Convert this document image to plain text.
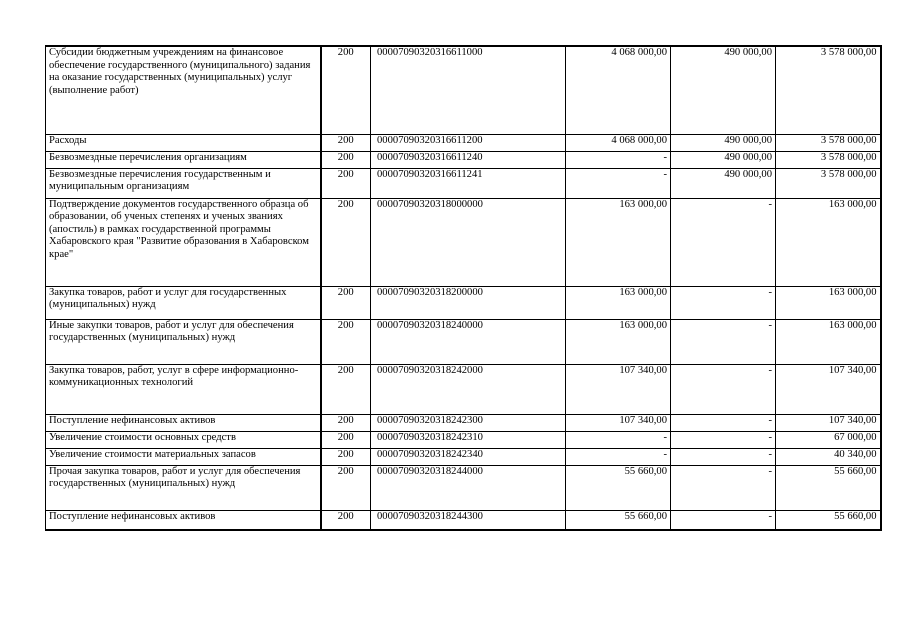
Субсидии бюджетным учреждениям на финансовое обеспечение государственного (муниципального) задания на оказание государственных (муниципальных) услуг (выполнение работ)	200	00007090320316611000	4 068 000,00	490 000,00	3 578 000,00
Расходы	200	00007090320316611200	4 068 000,00	490 000,00	3 578 000,00
Безвозмездные перечисления организациям	200	00007090320316611240	-	490 000,00	3 578 000,00
Безвозмездные перечисления государственным и муниципальным организациям	200	00007090320316611241	-	490 000,00	3 578 000,00
Подтверждение документов государственного образца об образовании, об ученых степенях и ученых званиях (апостиль) в рамках государственной программы Хабаровского края "Развитие образования в Хабаровском крае"	200	00007090320318000000	163 000,00	-	163 000,00
Закупка товаров, работ и услуг для государственных (муниципальных) нужд	200	00007090320318200000	163 000,00	-	163 000,00
Иные закупки товаров, работ и услуг для обеспечения государственных (муниципальных) нужд	200	00007090320318240000	163 000,00	-	163 000,00
Закупка товаров, работ, услуг в сфере информационно-коммуникационных технологий	200	00007090320318242000	107 340,00	-	107 340,00
Поступление нефинансовых активов	200	00007090320318242300	107 340,00	-	107 340,00
Увеличение стоимости основных средств	200	00007090320318242310	-	-	67 000,00
Увеличение стоимости материальных запасов	200	00007090320318242340	-	-	40 340,00
Прочая закупка товаров, работ и услуг для обеспечения государственных (муниципальных) нужд	200	00007090320318244000	55 660,00	-	55 660,00
Поступление нефинансовых активов	200	00007090320318244300	55 660,00	-	55 660,00
